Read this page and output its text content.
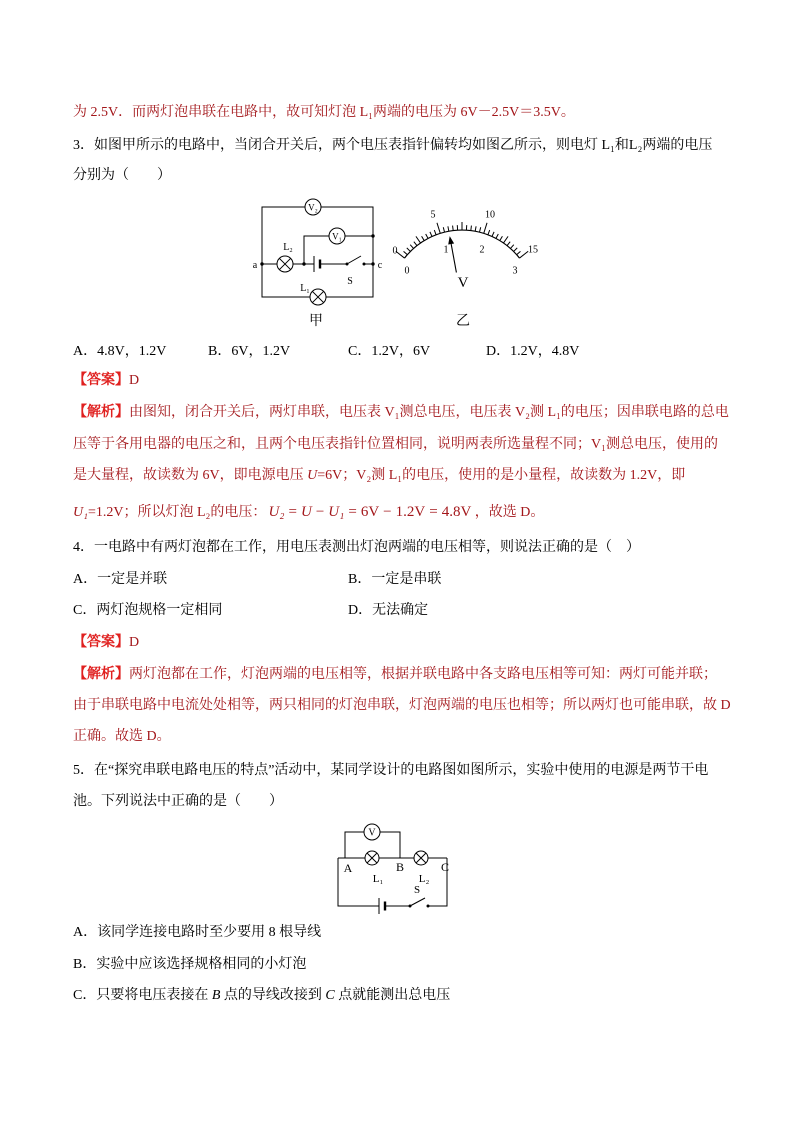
为 2.5V．而两灯泡串联在电路中，故可知灯泡 L₁两端的电压为 6V－2.5V＝3.5V。
3．如图甲所示的电路中，当闭合开关后，两个电压表指针偏转均如图乙所示，则电灯 L₁和L₂两端的电压
分别为（　　）
V₂
V₁
L₂
L₁
a	c
S
甲
0
5	10
15
0
1	2
3
V
乙
A．4.8V，1.2V	B．6V，1.2V	C．1.2V，6V	D．1.2V，4.8V
【答案】D
【解析】由图知，闭合开关后，两灯串联，电压表 V₁测总电压，电压表 V₂测 L₁的电压；因串联电路的总电
压等于各用电器的电压之和，且两个电压表指针位置相同，说明两表所选量程不同；V₁测总电压，使用的
是大量程，故读数为 6V，即电源电压 U=6V；V₂测 L₁的电压，使用的是小量程，故读数为 1.2V，即
U₁=1.2V；所以灯泡 L₂的电压： U₂ = U − U₁ = 6V − 1.2V = 4.8V ，故选 D。
4．一电路中有两灯泡都在工作，用电压表测出灯泡两端的电压相等，则说法正确的是（　）
A．一定是并联	B．一定是串联
C．两灯泡规格一定相同	D．无法确定
【答案】D
【解析】两灯泡都在工作，灯泡两端的电压相等，根据并联电路中各支路电压相等可知：两灯可能并联；
由于串联电路中电流处处相等，两只相同的灯泡串联，灯泡两端的电压也相等；所以两灯也可能串联，故 D
正确。故选 D。
5．在“探究串联电路电压的特点”活动中，某同学设计的电路图如图所示，实验中使用的电源是两节干电
池。下列说法中正确的是（　　）
V
A	B	C
L₁	L₂
S
A．该同学连接电路时至少要用 8 根导线
B．实验中应该选择规格相同的小灯泡
C．只要将电压表接在 B 点的导线改接到 C 点就能测出总电压
